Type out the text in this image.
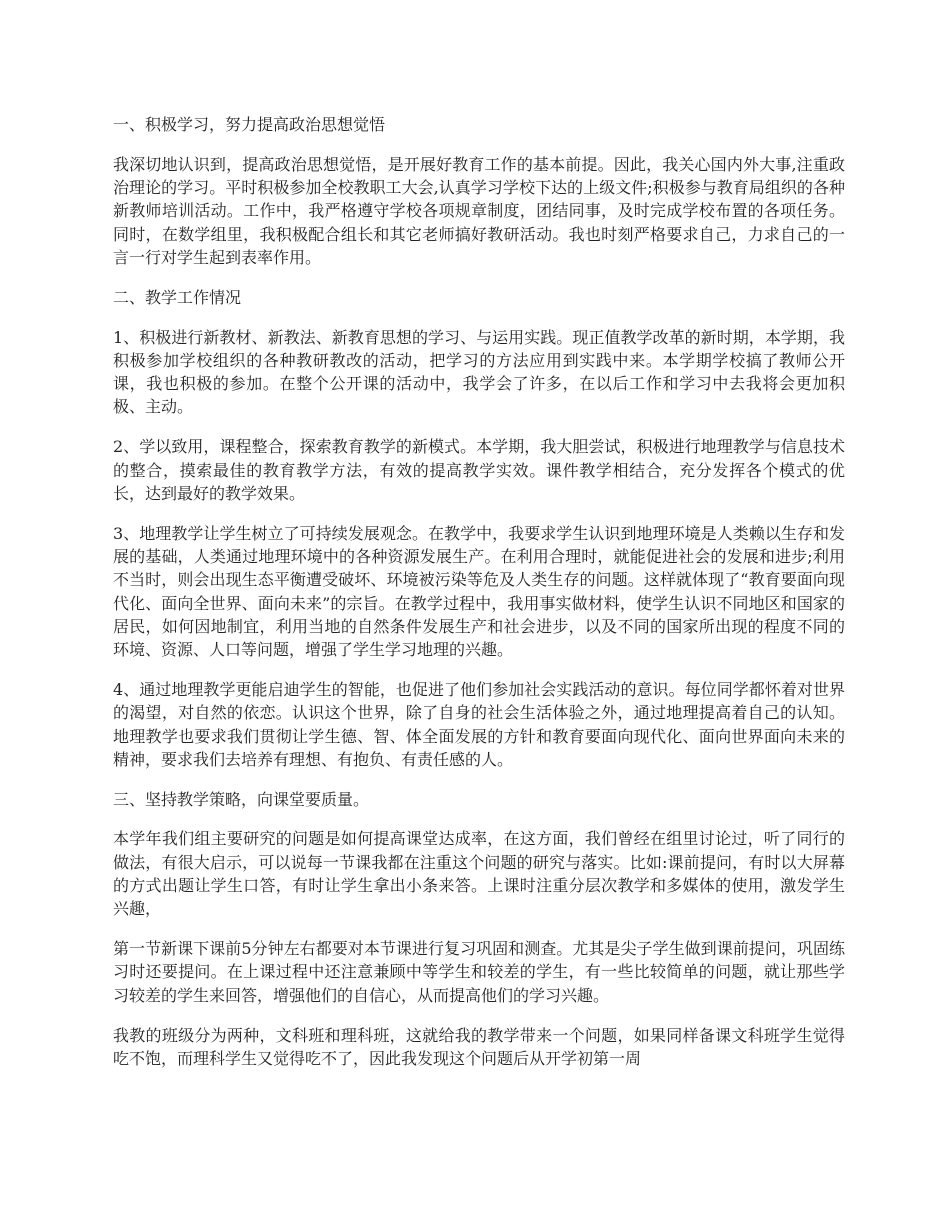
一、积极学习，努力提高政治思想觉悟

我深切地认识到，提高政治思想觉悟，是开展好教育工作的基本前提。因此，我关心国内外大事,注重政治理论的学习。平时积极参加全校教职工大会,认真学习学校下达的上级文件;积极参与教育局组织的各种新教师培训活动。工作中，我严格遵守学校各项规章制度，团结同事，及时完成学校布置的各项任务。同时，在数学组里，我积极配合组长和其它老师搞好教研活动。我也时刻严格要求自己，力求自己的一言一行对学生起到表率作用。

二、教学工作情况

1、积极进行新教材、新教法、新教育思想的学习、与运用实践。现正值教学改革的新时期，本学期，我积极参加学校组织的各种教研教改的活动，把学习的方法应用到实践中来。本学期学校搞了教师公开课，我也积极的参加。在整个公开课的活动中，我学会了许多，在以后工作和学习中去我将会更加积极、主动。

2、学以致用，课程整合，探索教育教学的新模式。本学期，我大胆尝试，积极进行地理教学与信息技术的整合，摸索最佳的教育教学方法，有效的提高教学实效。课件教学相结合，充分发挥各个模式的优长，达到最好的教学效果。

3、地理教学让学生树立了可持续发展观念。在教学中，我要求学生认识到地理环境是人类赖以生存和发展的基础，人类通过地理环境中的各种资源发展生产。在利用合理时，就能促进社会的发展和进步;利用不当时，则会出现生态平衡遭受破坏、环境被污染等危及人类生存的问题。这样就体现了“教育要面向现代化、面向全世界、面向未来”的宗旨。在教学过程中，我用事实做材料，使学生认识不同地区和国家的居民，如何因地制宜，利用当地的自然条件发展生产和社会进步，以及不同的国家所出现的程度不同的环境、资源、人口等问题，增强了学生学习地理的兴趣。

4、通过地理教学更能启迪学生的智能，也促进了他们参加社会实践活动的意识。每位同学都怀着对世界的渴望，对自然的依恋。认识这个世界，除了自身的社会生活体验之外，通过地理提高着自己的认知。地理教学也要求我们贯彻让学生德、智、体全面发展的方针和教育要面向现代化、面向世界面向未来的精神，要求我们去培养有理想、有抱负、有责任感的人。

三、坚持教学策略，向课堂要质量。

本学年我们组主要研究的问题是如何提高课堂达成率，在这方面，我们曾经在组里讨论过，听了同行的做法，有很大启示，可以说每一节课我都在注重这个问题的研究与落实。比如:课前提问，有时以大屏幕的方式出题让学生口答，有时让学生拿出小条来答。上课时注重分层次教学和多媒体的使用，激发学生兴趣，

第一节新课下课前5分钟左右都要对本节课进行复习巩固和测查。尤其是尖子学生做到课前提问，巩固练习时还要提问。在上课过程中还注意兼顾中等学生和较差的学生，有一些比较简单的问题，就让那些学习较差的学生来回答，增强他们的自信心，从而提高他们的学习兴趣。

我教的班级分为两种，文科班和理科班，这就给我的教学带来一个问题，如果同样备课文科班学生觉得吃不饱，而理科学生又觉得吃不了，因此我发现这个问题后从开学初第一周
